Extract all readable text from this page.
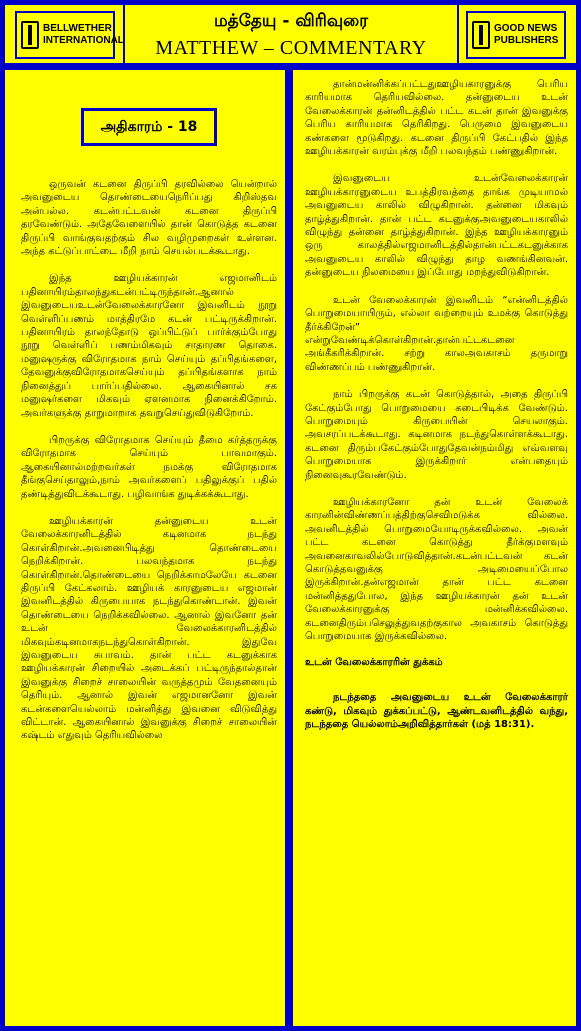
BELLWETHER
INTERNATIONAL
மத்தேயு - விரிவுரை
MATTHEW – COMMENTARY
GOOD NEWS
PUBLISHERS
அதிகாரம் - 18

ஒருவன் கடனை திருப்பி தரவில்லை யென்றால் அவனுடைய தொண்டையைநெரிப்பது கிறிஸ்தவ அன்பல்ல. கடன்பட்டவன் கடனை திருப்பி தரவேண்டும். அதேவேளையில் தான் கொடுத்த கடனை திருப்பி வாங்குவதற்கும் சில வழிமுறைகள் உள்ளன. அந்த கட்டுப்பாட்டை மீறி நாம் செயல்படக்கூடாது.

இந்த ஊழியக்காரன் எஜமானிடம் பதினாயிரம்தாலந்துகடன்பட்டிருந்தான்.ஆனால் இவனுடையஉடன்வேலைக்காரனோ இவனிடம் நூறு வெள்ளிப்பணம் மாத்திரமே கடன் பட்டிருக்கிறான். பதினாயிரம் தாலந்தோடு ஒப்பிட்டுப் பார்க்கும்போது நூறு வெள்ளிப் பணம்மிகவும் சாதாரண தொகை. மனுஷருக்கு விரோதமாக நாம் செய்யும் தப்பிதங்களை, தேவனுக்குவிரோதமாகசெய்யும் தப்பிதங்களாக நாம் நினைத்துப் பார்ப்பதில்லை. ஆகையினால் சக மனுஷர்களை மிகவும் ஏளனமாக நினைக்கிறோம். அவர்களுக்கு தாறுமாறாக தவறுசெய்துவிடுகிறோம்.

பிறருக்கு விரோதமாக செய்யும் தீமை கர்த்தருக்கு விரோதமாக செய்யும் பாவமாகும். ஆகையினால்மற்றவர்கள் நமக்கு விரோதமாக தீங்குசெய்தாலும்,நாம் அவர்களைப் பதிலுக்குப் பதில் தண்டித்துவிடக்கூடாது. பழிவாங்க துடிக்கக்கூடாது.

ஊழியக்காரன் தன்னுடைய உடன் வேலைக்காரனிடத்தில் கடினமாக நடந்து கொள்கிறான்.அவனைபிடித்து தொண்டையை நெறிக்கிறான். பலவந்தமாக நடந்து கொள்கிறான்.தொண்டையை நெறிக்காமலேயே கடனை திருப்பி கேட்கலாம். ஊழியக் காரனுடைய எஜமான் இவனிடத்தில் கிருபையாக நடந்துகொண்டான். இவன் தொண்டையை நெறிக்கவில்லை. ஆனால் இவனோ தன் உடன் வேலைக்காரனிடத்தில் மிகவும்கடினமாகநடந்துகொள்கிறான். இதுவே இவனுடைய சுபாவம். தான் பட்ட கடனுக்காக ஊழியக்காரன் சிறையில் அடைக்கப் பட்டிருந்தால்தான் இவனுக்கு சிறைச் சாலையின் வருத்தமும் வேதனையும் தெரியும். ஆனால் இவன் எஜமானனோ இவன் கடன்களையெல்லாம் மன்னித்து இவனை விடுவித்து விட்டான். ஆகையினால் இவனுக்கு சிறைச் சாலையின் கஷ்டம் எதுவும் தெரியவில்லை

தான்மன்னிக்கப்பட்டதுஊழியகாரனுக்கு பெரிய காரியமாக தெரியவில்லை. தன்னுடைய உடன் வேலைக்காரன் தன்னிடத்தில் பட்ட கடன் தான் இவனுக்கு பெரிய காரியமாக தெரிகிறது. பெருமை இவனுடைய கண்களை மூடுகிறது. கடனை திருப்பி கேட்பதில் இந்த ஊழியக்காரன் வரம்புக்கு மீறி பலவந்தம் பண்ணுகிறான்.

இவனுடைய உடன்வேலைக்காரன் ஊழியக்காரனுடைய உபத்திரவத்தை தாங்க முடியாமல் அவனுடைய காலில் விழுகிறான். தன்னை மிகவும் தாழ்த்துகிறான். தான் பட்ட கடனுக்குஅவனுடையகாலில் விழுந்து தன்னை தாழ்த்துகிறான். இந்த ஊழியக்காரனும் ஒரு காலத்தில்எஜமானிடத்தில்தான்பட்டகடனுக்காக அவனுடைய காலில் விழுந்து தாழ வணங்கினவன். தன்னுடைய நிலமையை இப்போது மறந்துவிடுகிறான்.

உடன் வேலைக்காரன் இவனிடம் “என்னிடத்தில் பொறுமையாயிரும், எல்லா வற்றையும் உமக்கு கொடுத்து தீர்க்கிறேன்” என்றுவேண்டிக்கொள்கிறான்.தான்பட்டகடனை அங்கீகரிக்கிறான். சற்று காலஅவகாசம் தருமாறு விண்ணப்பம் பண்ணுகிறான்.

நாம் பிறருக்கு கடன் கொடுத்தால், அதை திருப்பி கேட்கும்போது பொறுமையை கடைபிடிக்க வேண்டும். பொறுமையும் கிருபையின் செயலாகும். அவசரப்படக்கூடாது. கடினமாக நடந்துகொள்ளக்கூடாது. கடனை திரும்பகேட்கும்போதுதேவன்நம்மிது எவ்வளவு பொறுமையாக இருக்கிறார் என்பதையும் நினைவுகூரவேண்டும்.

ஊழியக்காரனோ தன் உடன் வேலைக் காரனின்விண்ணப்பத்திற்குசெவிமடுக்க வில்லை. அவனிடத்தில் பொறுமையோடிருக்கவில்லை. அவன் பட்ட கடனை கொடுத்து தீர்க்குமளவும் அவனைகாவலில்போடுவித்தான்.கடன்பட்டவன் கடன் கொடுத்தவனுக்கு அடிமையைப்போல இருக்கிறான்.தன்எஜமான் தான் பட்ட கடனை மன்னித்ததுபோல, இந்த ஊழியக்காரன் தன் உடன் வேலைக்காரனுக்கு மன்னிக்கவில்லை. கடனைதிரும்பசெலுத்துவதற்குகால அவகாசம் கொடுத்து பொறுமையாக இருக்கவில்லை.

உடன் வேலைக்காரரின் துக்கம்

நடந்ததை அவனுடைய உடன் வேலைக்காரர் கண்டு, மிகவும் துக்கப்பட்டு, ஆண்டவனிடத்தில் வந்து, நடந்ததை யெல்லாம்அறிவித்தார்கள் (மத் 18:31).
